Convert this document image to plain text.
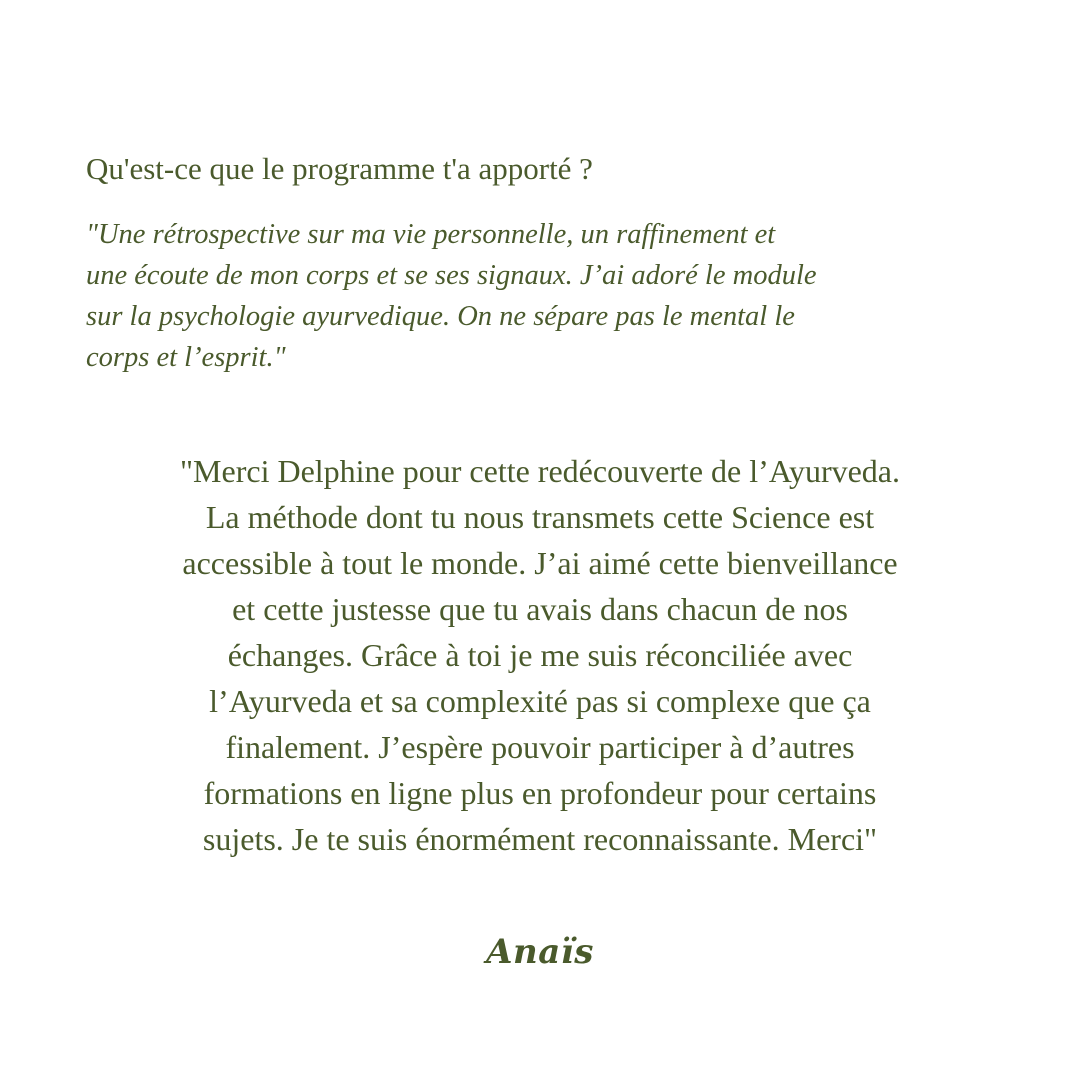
Qu'est-ce que le programme t'a apporté ?
"Une rétrospective sur ma vie personnelle, un raffinement et
une écoute de mon corps et se ses signaux. J’ai adoré le module
sur la psychologie ayurvedique. On ne sépare pas le mental le
corps et l’esprit."
"Merci Delphine pour cette redécouverte de l’Ayurveda.
La méthode dont tu nous transmets cette Science est
accessible à tout le monde. J’ai aimé cette bienveillance
et cette justesse que tu avais dans chacun de nos
échanges. Grâce à toi je me suis réconciliée avec
l’Ayurveda et sa complexité pas si complexe que ça
finalement. J’espère pouvoir participer à d’autres
formations en ligne plus en profondeur pour certains
sujets. Je te suis énormément reconnaissante. Merci"
Anaïs
